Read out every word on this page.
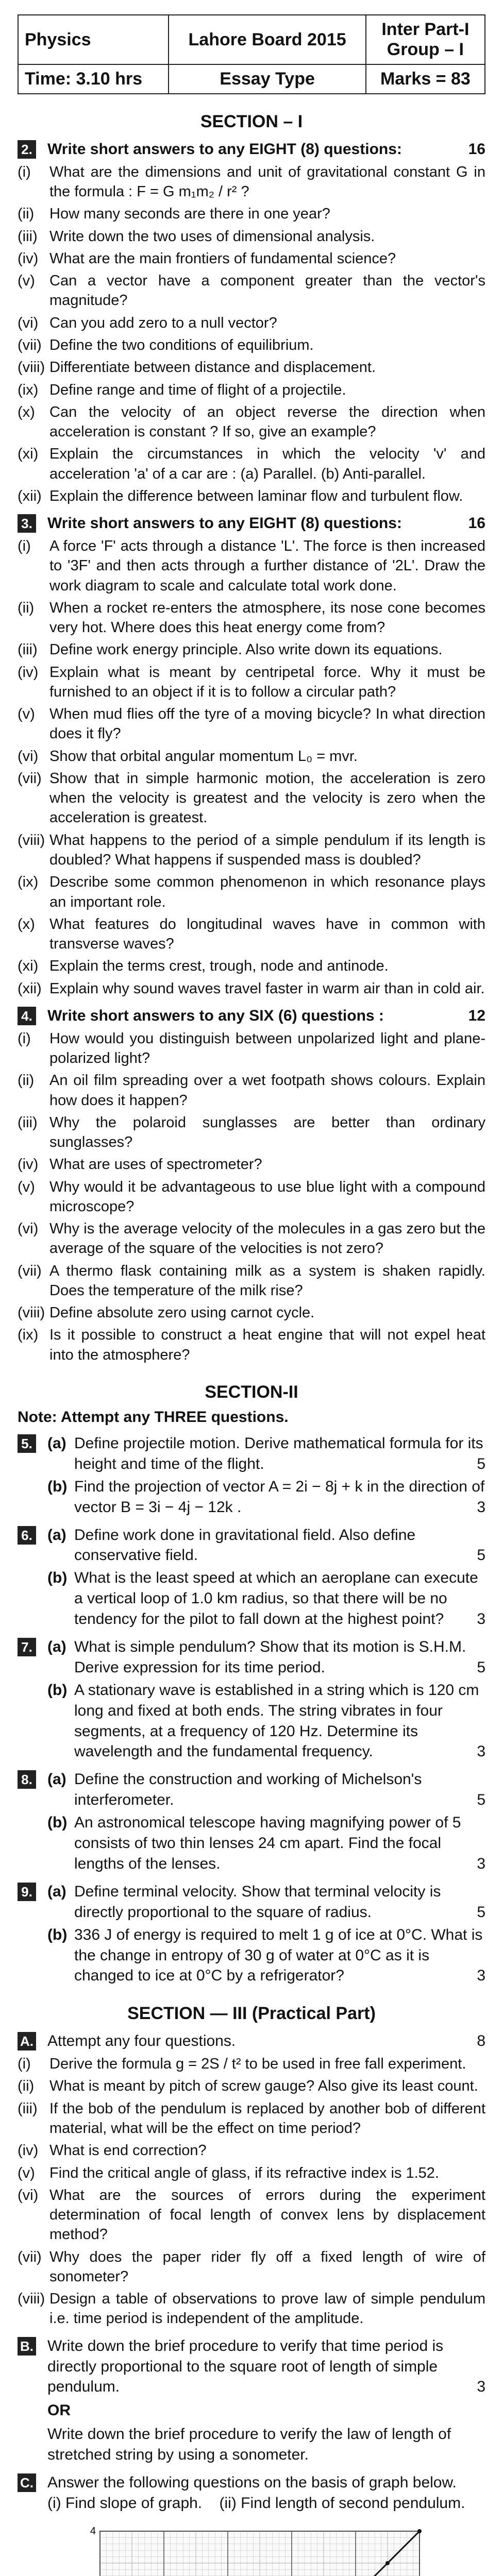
Physics	Lahore Board 2015	Inter Part-I
Group – I

Time: 3.10 hrs	Essay Type	Marks = 83
SECTION – I
2.	16
Write short answers to any EIGHT (8) questions:
(i)	What are the dimensions and unit of gravitational constant G in the formula : F = G m₁m₂ / r² ?
(ii)	How many seconds are there in one year?
(iii) Write down the two uses of dimensional analysis.
(iv) What are the main frontiers of fundamental science?
(v) Can a vector have a component greater than the vector's magnitude?
(vi) Can you add zero to a null vector?
(vii) Define the two conditions of equilibrium.
(viii) Differentiate between distance and displacement.
(ix) Define range and time of flight of a projectile.
(x) Can the velocity of an object reverse the direction when acceleration is constant ? If so, give an example?
(xi) Explain the circumstances in which the velocity 'v' and acceleration 'a' of a car are : (a) Parallel. (b) Anti-parallel.
(xii) Explain the difference between laminar flow and turbulent flow.
3.	16
Write short answers to any EIGHT (8) questions:
(i)	A force 'F' acts through a distance 'L'. The force is then increased to '3F' and then acts through a further distance of '2L'. Draw the work diagram to scale and calculate total work done.
(ii)	When a rocket re-enters the atmosphere, its nose cone becomes very hot. Where does this heat energy come from?
(iii) Define work energy principle. Also write down its equations.
(iv) Explain what is meant by centripetal force. Why it must be furnished to an object if it is to follow a circular path?
(v) When mud flies off the tyre of a moving bicycle? In what direction does it fly?
(vi) Show that orbital angular momentum L₀ = mvr.
(vii) Show that in simple harmonic motion, the acceleration is zero when the velocity is greatest and the velocity is zero when the acceleration is greatest.
(viii) What happens to the period of a simple pendulum if its length is doubled? What happens if suspended mass is doubled?
(ix) Describe some common phenomenon in which resonance plays an important role.
(x) What features do longitudinal waves have in common with transverse waves?
(xi) Explain the terms crest, trough, node and antinode.
(xii) Explain why sound waves travel faster in warm air than in cold air.
4.	12
Write short answers to any SIX (6) questions :
(i)	How would you distinguish between unpolarized light and plane-polarized light?
(ii)	An oil film spreading over a wet footpath shows colours. Explain how does it happen?
(iii) Why the polaroid sunglasses are better than ordinary sunglasses?
(iv) What are uses of spectrometer?
(v) Why would it be advantageous to use blue light with a compound microscope?
(vi) Why is the average velocity of the molecules in a gas zero but the average of the square of the velocities is not zero?
(vii) A thermo flask containing milk as a system is shaken rapidly. Does the temperature of the milk rise?
(viii) Define absolute zero using carnot cycle.
(ix) Is it possible to construct a heat engine that will not expel heat into the atmosphere?
SECTION-II
Note: Attempt any THREE questions.
5. (a) Define projectile motion. Derive mathematical formula for its height and time of the flight.	5
(b) Find the projection of vector A = 2i − 8j + k in the direction of vector B = 3i − 4j − 12k .	3
6. (a) Define work done in gravitational field. Also define conservative field.	5
(b) What is the least speed at which an aeroplane can execute a vertical loop of 1.0 km radius, so that there will be no tendency for the pilot to fall down at the highest point?	3
7. (a) What is simple pendulum? Show that its motion is S.H.M. Derive expression for its time period.	5
(b) A stationary wave is established in a string which is 120 cm long and fixed at both ends. The string vibrates in four segments, at a frequency of 120 Hz. Determine its wavelength and the fundamental frequency.	3
8. (a) Define the construction and working of Michelson's interferometer.	5
(b) An astronomical telescope having magnifying power of 5 consists of two thin lenses 24 cm apart. Find the focal lengths of the lenses.	3
9. (a) Define terminal velocity. Show that terminal velocity is directly proportional to the square of radius.	5
(b) 336 J of energy is required to melt 1 g of ice at 0°C. What is the change in entropy of 30 g of water at 0°C as it is changed to ice at 0°C by a refrigerator?	3
SECTION — III (Practical Part)
A.	8
Attempt any four questions.
(i)	Derive the formula g = 2S / t² to be used in free fall experiment.
(ii)	What is meant by pitch of screw gauge? Also give its least count.
(iii) If the bob of the pendulum is replaced by another bob of different material, what will be the effect on time period?
(iv) What is end correction?
(v) Find the critical angle of glass, if its refractive index is 1.52.
(vi) What are the sources of errors during the experiment determination of focal length of convex lens by displacement method?
(vii) Why does the paper rider fly off a fixed length of wire of sonometer?
(viii) Design a table of observations to prove law of simple pendulum i.e. time period is independent of the amplitude.
B. Write down the brief procedure to verify that time period is directly proportional to the square root of length of simple pendulum.	3
OR
Write down the brief procedure to verify the law of length of stretched string by using a sonometer.
C. Answer the following questions on the basis of graph below.
(i) Find slope of graph. (ii) Find length of second pendulum.
4
